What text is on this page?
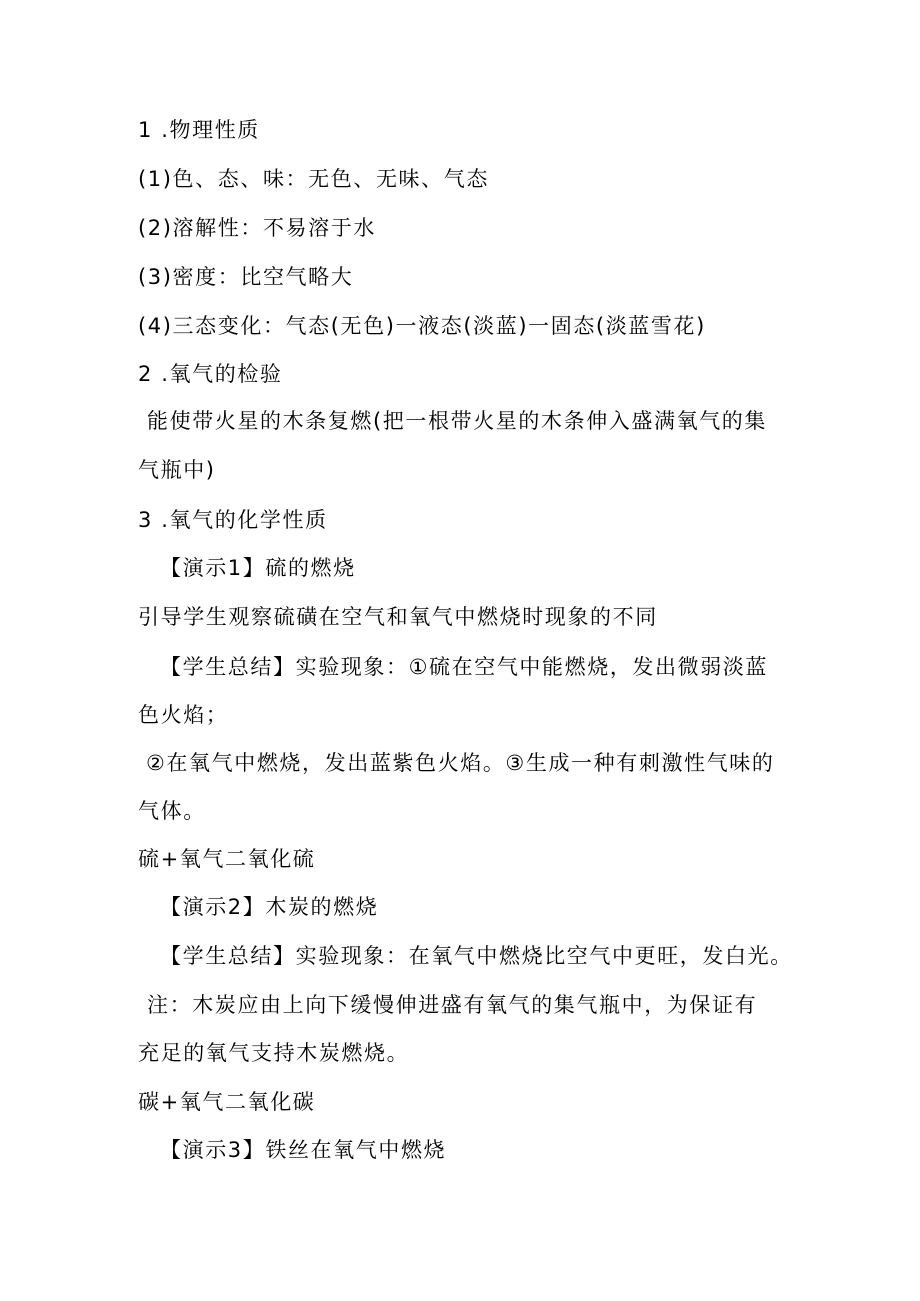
1 .物理性质
(1)色、态、味：无色、无味、气态
(2)溶解性：不易溶于水
(3)密度：比空气略大
(4)三态变化：气态(无色)一液态(淡蓝)一固态(淡蓝雪花)
2 .氧气的检验
能使带火星的木条复燃(把一根带火星的木条伸入盛满氧气的集
气瓶中)
3 .氧气的化学性质
【演示1】硫的燃烧
引导学生观察硫磺在空气和氧气中燃烧时现象的不同
【学生总结】实验现象：①硫在空气中能燃烧，发出微弱淡蓝
色火焰；
②在氧气中燃烧，发出蓝紫色火焰。③生成一种有刺激性气味的
气体。
硫+氧气二氧化硫
【演示2】木炭的燃烧
【学生总结】实验现象：在氧气中燃烧比空气中更旺，发白光。
注：木炭应由上向下缓慢伸进盛有氧气的集气瓶中，为保证有
充足的氧气支持木炭燃烧。
碳+氧气二氧化碳
【演示3】铁丝在氧气中燃烧
